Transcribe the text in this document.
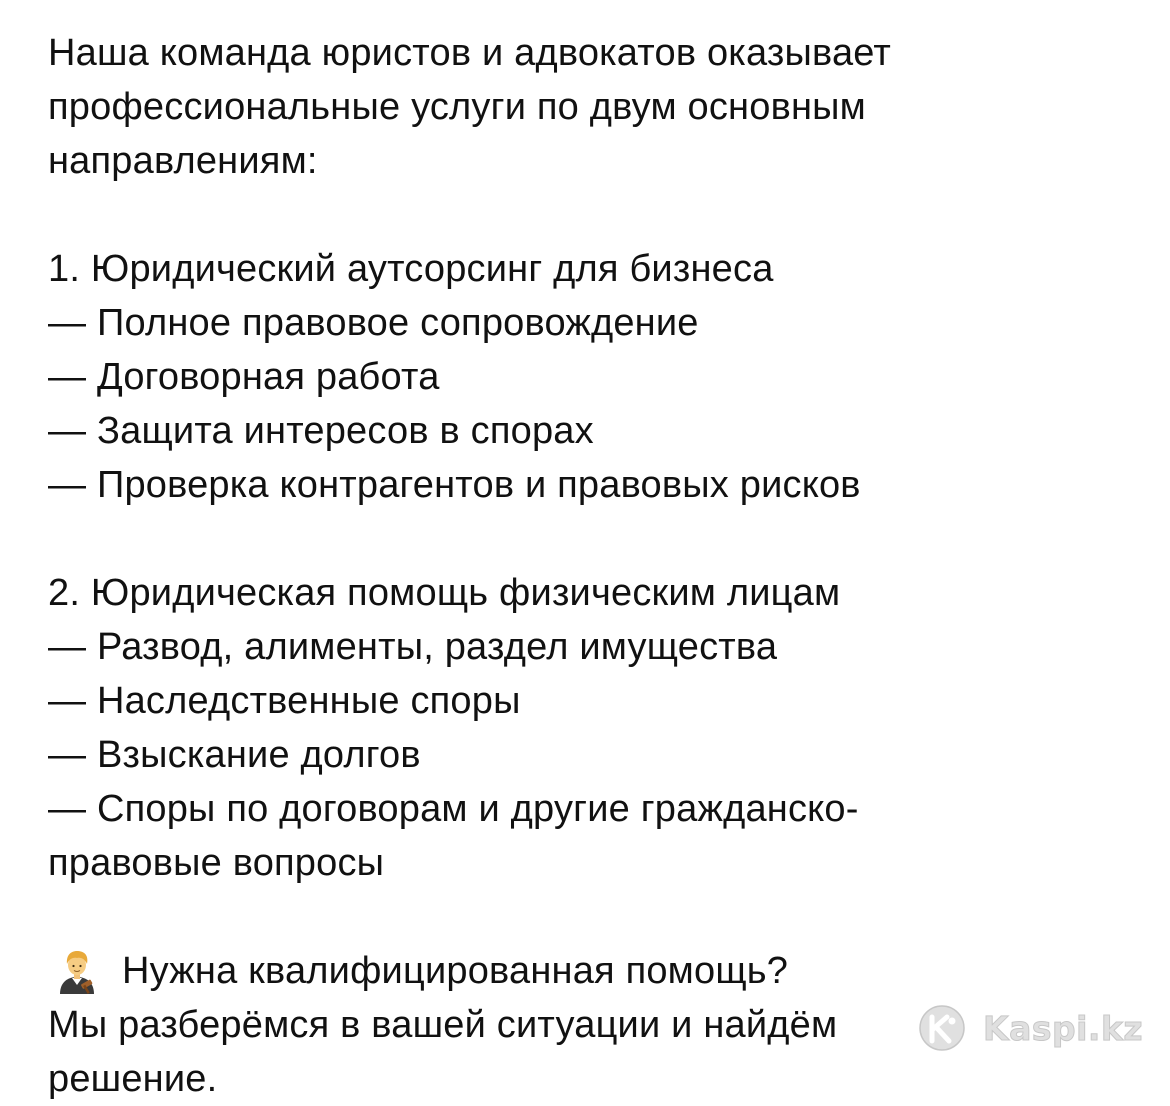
Наша команда юристов и адвокатов оказывает
профессиональные услуги по двум основным
направлениям:
1. Юридический аутсорсинг для бизнеса
— Полное правовое сопровождение
— Договорная работа
— Защита интересов в спорах
— Проверка контрагентов и правовых рисков
2. Юридическая помощь физическим лицам
— Развод, алименты, раздел имущества
— Наследственные споры
— Взыскание долгов
— Споры по договорам и другие гражданско-
правовые вопросы
Нужна квалифицированная помощь?
Мы разберёмся в вашей ситуации и найдём
решение.
Kaspi.kz
